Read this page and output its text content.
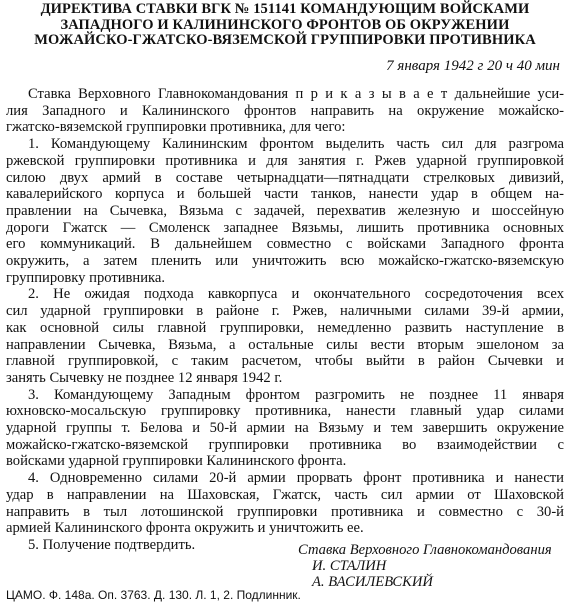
ДИРЕКТИВА СТАВКИ ВГК № 151141 КОМАНДУЮЩИМ ВОЙСКАМИ
ЗАПАДНОГО И КАЛИНИНСКОГО ФРОНТОВ ОБ ОКРУЖЕНИИ
МОЖАЙСКО-ГЖАТСКО-ВЯЗЕМСКОЙ ГРУППИРОВКИ ПРОТИВНИКА
7 января 1942 г 20 ч 40 мин

Ставка Верховного Главнокомандования п р и к а з ы в а е т дальнейшие уси-
лия Западного и Калининского фронтов направить на окружение можайско-
гжатско-вяземской группировки противника, для чего:

1. Командующему Калининским фронтом выделить часть сил для разгрома
ржевской группировки противника и для занятия г. Ржев ударной группировкой
силою двух армий в составе четырнадцати—пятнадцати стрелковых дивизий,
кавалерийского корпуса и большей части танков, нанести удар в общем на-
правлении на Сычевка, Вязьма с задачей, перехватив железную и шоссейную
дороги Гжатск — Смоленск западнее Вязьмы, лишить противника основных
его коммуникаций. В дальнейшем совместно с войсками Западного фронта
окружить, а затем пленить или уничтожить всю можайско-гжатско-вяземскую
группировку противника.

2. Не ожидая подхода кавкорпуса и окончательного сосредоточения всех
сил ударной группировки в районе г. Ржев, наличными силами 39-й армии,
как основной силы главной группировки, немедленно развить наступление в
направлении Сычевка, Вязьма, а остальные силы вести вторым эшелоном за
главной группировкой, с таким расчетом, чтобы выйти в район Сычевки и
занять Сычевку не позднее 12 января 1942 г.

3. Командующему Западным фронтом разгромить не позднее 11 января
юхновско-мосальскую группировку противника, нанести главный удар силами
ударной группы т. Белова и 50-й армии на Вязьму и тем завершить окружение
можайско-гжатско-вяземской группировки противника во взаимодействии с
войсками ударной группировки Калининского фронта.

4. Одновременно силами 20-й армии прорвать фронт противника и нанести
удар в направлении на Шаховская, Гжатск, часть сил армии от Шаховской
направить в тыл лотошинской группировки противника и совместно с 30-й
армией Калининского фронта окружить и уничтожить ее.

5. Получение подтвердить.	Ставка Верховного Главнокомандования
И. СТАЛИН
А. ВАСИЛЕВСКИЙ
ЦАМО. Ф. 148а. Оп. 3763. Д. 130. Л. 1, 2. Подлинник.
